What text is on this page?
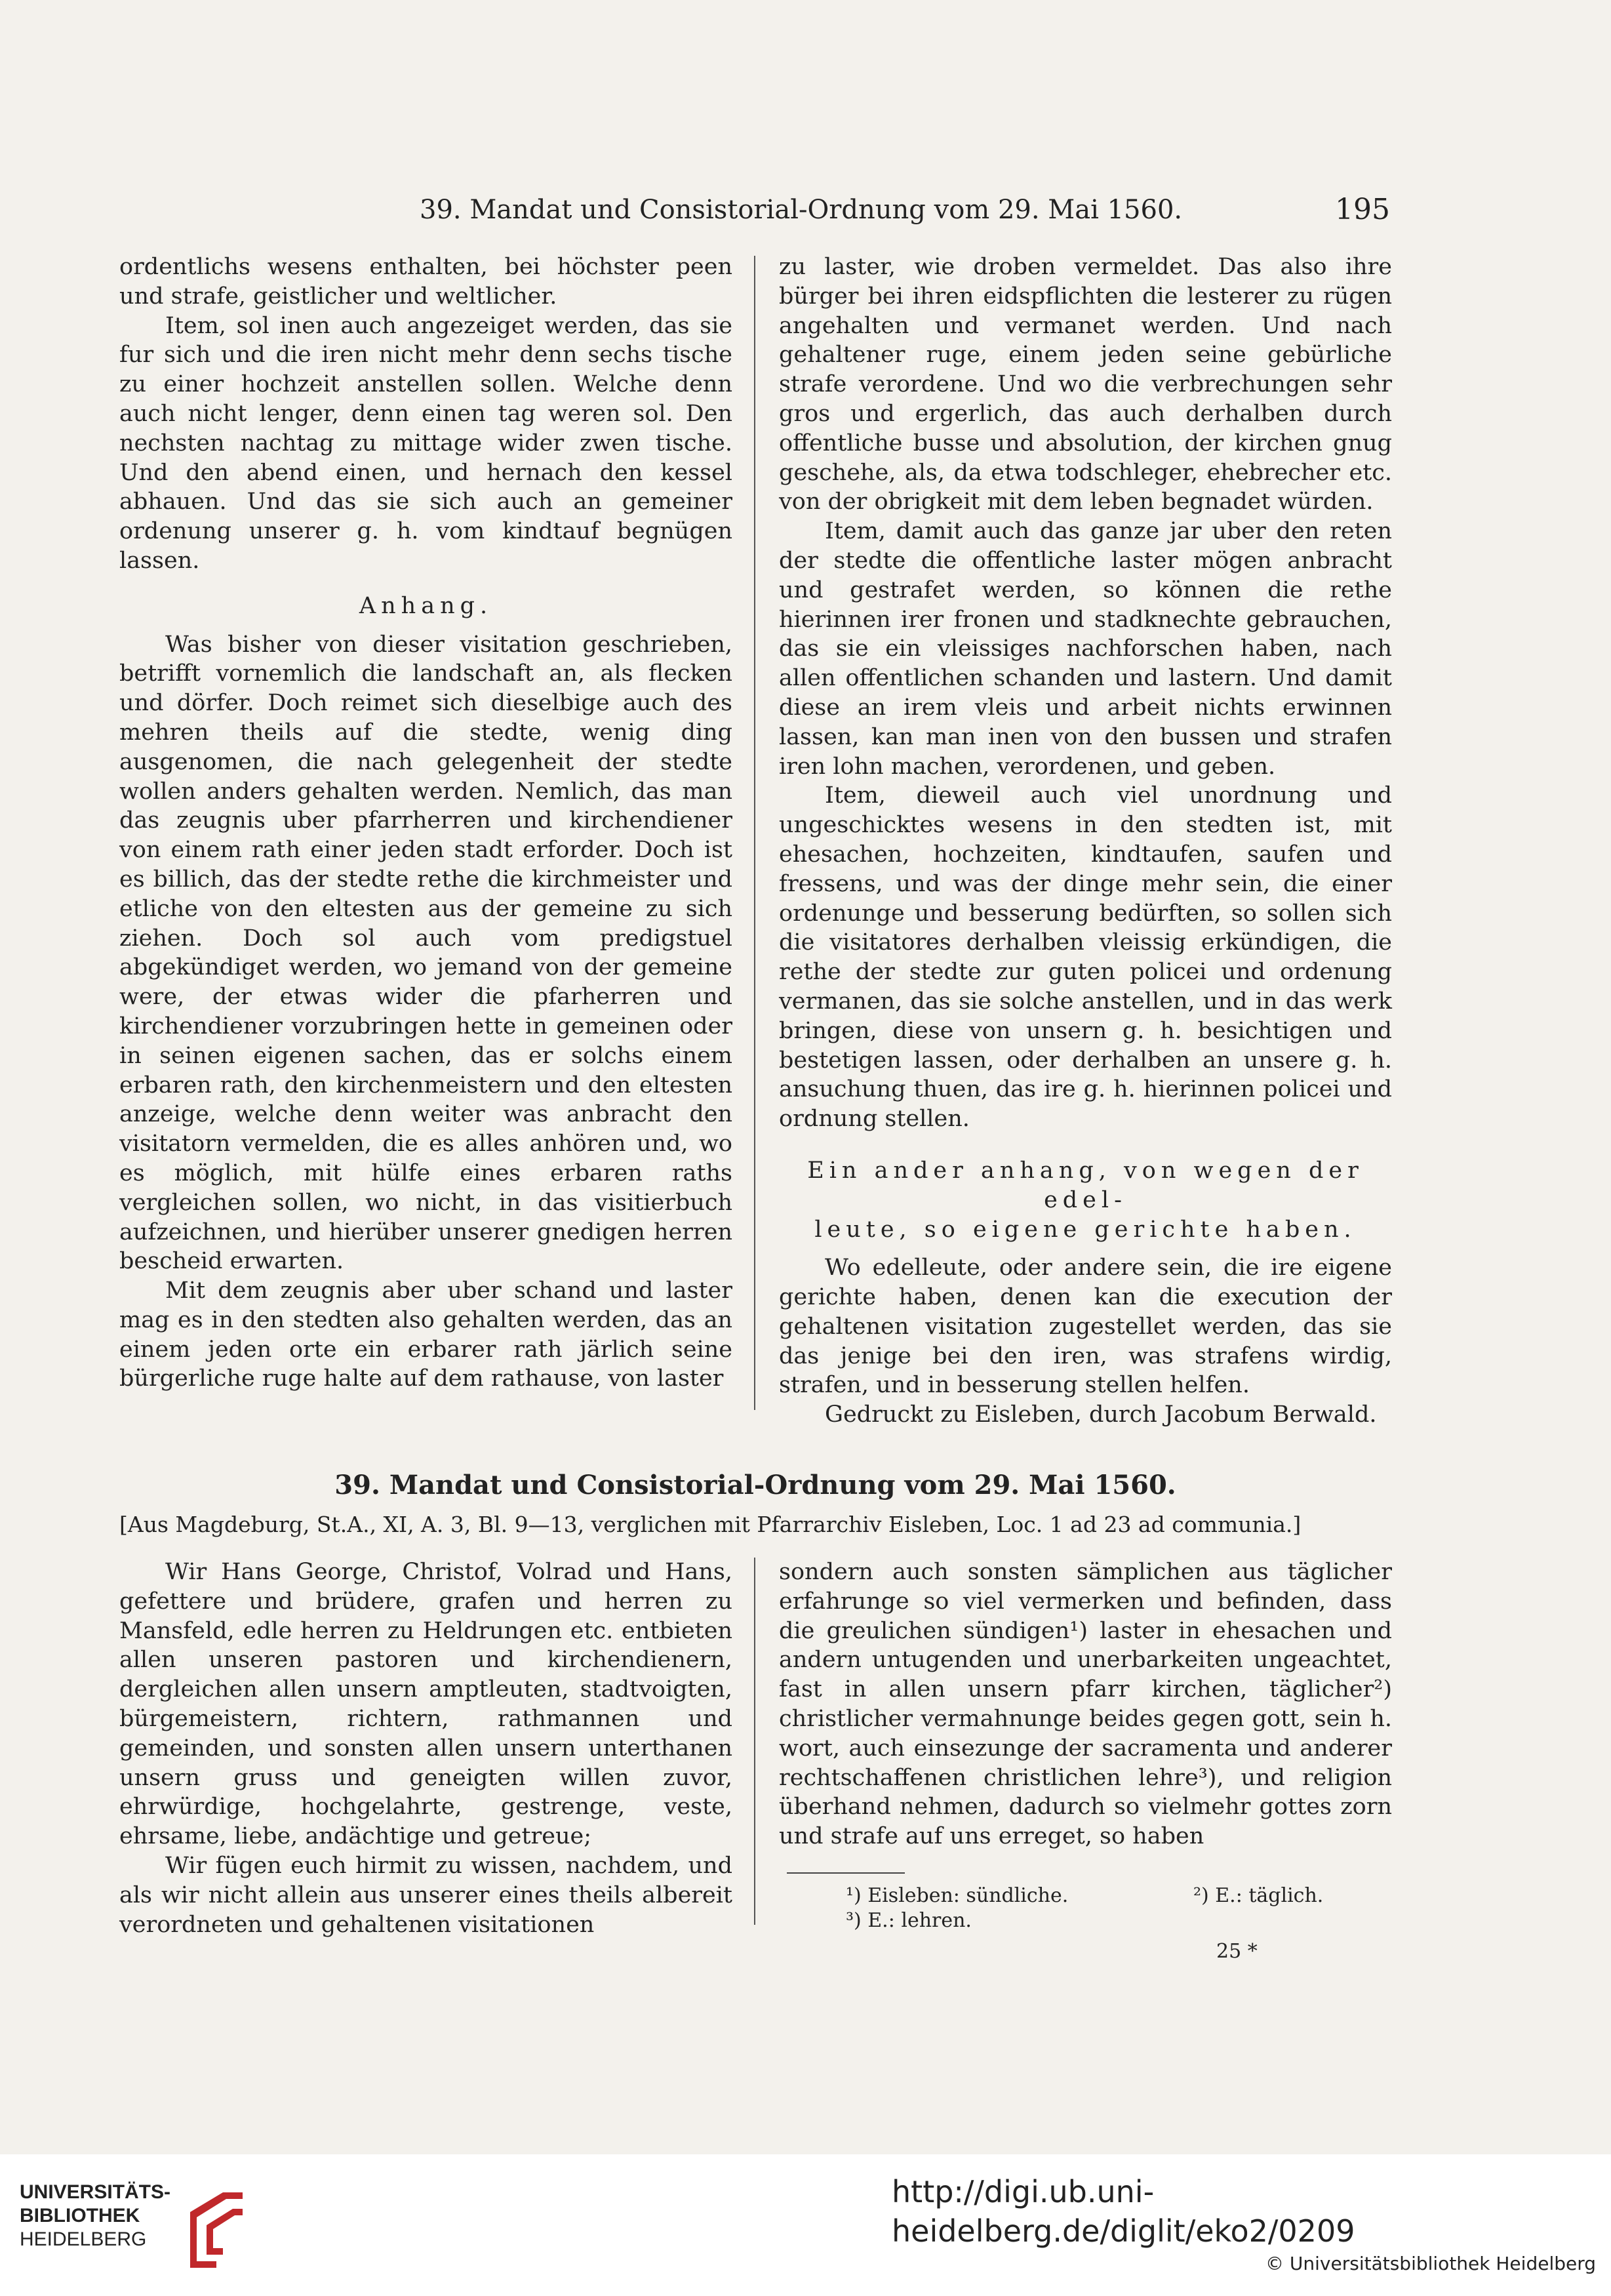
39. Mandat und Consistorial-Ordnung vom 29. Mai 1560.	195

ordentlichs wesens enthalten, bei höchster peen und strafe, geistlicher und weltlicher.

Item, sol inen auch angezeiget werden, das sie fur sich und die iren nicht mehr denn sechs tische zu einer hochzeit anstellen sollen. Welche denn auch nicht lenger, denn einen tag weren sol. Den nechsten nachtag zu mittage wider zwen tische. Und den abend einen, und hernach den kessel abhauen. Und das sie sich auch an gemeiner ordenung unserer g. h. vom kindtauf begnügen lassen.

Anhang.

Was bisher von dieser visitation geschrieben, betrifft vornemlich die landschaft an, als flecken und dörfer. Doch reimet sich dieselbige auch des mehren theils auf die stedte, wenig ding ausgenomen, die nach gelegenheit der stedte wollen anders gehalten werden. Nemlich, das man das zeugnis uber pfarrherren und kirchendiener von einem rath einer jeden stadt erforder. Doch ist es billich, das der stedte rethe die kirchmeister und etliche von den eltesten aus der gemeine zu sich ziehen. Doch sol auch vom predigstuel abgekündiget werden, wo jemand von der gemeine were, der etwas wider die pfarherren und kirchendiener vorzubringen hette in gemeinen oder in seinen eigenen sachen, das er solchs einem erbaren rath, den kirchenmeistern und den eltesten anzeige, welche denn weiter was anbracht den visitatorn vermelden, die es alles anhören und, wo es möglich, mit hülfe eines erbaren raths vergleichen sollen, wo nicht, in das visitierbuch aufzeichnen, und hierüber unserer gnedigen herren bescheid erwarten.

Mit dem zeugnis aber uber schand und laster mag es in den stedten also gehalten werden, das an einem jeden orte ein erbarer rath järlich seine bürgerliche ruge halte auf dem rathause, von laster

zu laster, wie droben vermeldet. Das also ihre bürger bei ihren eidspflichten die lesterer zu rügen angehalten und vermanet werden. Und nach gehaltener ruge, einem jeden seine gebürliche strafe verordene. Und wo die verbrechungen sehr gros und ergerlich, das auch derhalben durch offentliche busse und absolution, der kirchen gnug geschehe, als, da etwa todschleger, ehebrecher etc. von der obrigkeit mit dem leben begnadet würden.

Item, damit auch das ganze jar uber den reten der stedte die offentliche laster mögen anbracht und gestrafet werden, so können die rethe hierinnen irer fronen und stadknechte gebrauchen, das sie ein vleissiges nachforschen haben, nach allen offentlichen schanden und lastern. Und damit diese an irem vleis und arbeit nichts erwinnen lassen, kan man inen von den bussen und strafen iren lohn machen, verordenen, und geben.

Item, dieweil auch viel unordnung und ungeschicktes wesens in den stedten ist, mit ehesachen, hochzeiten, kindtaufen, saufen und fressens, und was der dinge mehr sein, die einer ordenunge und besserung bedürften, so sollen sich die visitatores derhalben vleissig erkündigen, die rethe der stedte zur guten policei und ordenung vermanen, das sie solche anstellen, und in das werk bringen, diese von unsern g. h. besichtigen und bestetigen lassen, oder derhalben an unsere g. h. ansuchung thuen, das ire g. h. hierinnen policei und ordnung stellen.

Ein ander anhang, von wegen der edel-

leute, so eigene gerichte haben.

Wo edelleute, oder andere sein, die ire eigene gerichte haben, denen kan die execution der gehaltenen visitation zugestellet werden, das sie das jenige bei den iren, was strafens wirdig, strafen, und in besserung stellen helfen.

Gedruckt zu Eisleben, durch Jacobum Berwald.

39. Mandat und Consistorial-Ordnung vom 29. Mai 1560.
[Aus Magdeburg, St.A., XI, A. 3, Bl. 9—13, verglichen mit Pfarrarchiv Eisleben, Loc. 1 ad 23 ad communia.]

Wir Hans George, Christof, Volrad und Hans, gefettere und brüdere, grafen und herren zu Mansfeld, edle herren zu Heldrungen etc. entbieten allen unseren pastoren und kirchendienern, dergleichen allen unsern amptleuten, stadtvoigten, bürgemeistern, richtern, rathmannen und gemeinden, und sonsten allen unsern unterthanen unsern gruss und geneigten willen zuvor, ehrwürdige, hochgelahrte, gestrenge, veste, ehrsame, liebe, andächtige und getreue;

Wir fügen euch hirmit zu wissen, nachdem, und als wir nicht allein aus unserer eines theils albereit verordneten und gehaltenen visitationen

sondern auch sonsten sämplichen aus täglicher erfahrunge so viel vermerken und befinden, dass die greulichen sündigen¹) laster in ehesachen und andern untugenden und unerbarkeiten ungeachtet, fast in allen unsern pfarr kirchen, täglicher²) christlicher vermahnunge beides gegen gott, sein h. wort, auch einsezunge der sacramenta und anderer rechtschaffenen christlichen lehre³), und religion überhand nehmen, dadurch so vielmehr gottes zorn und strafe auf uns erreget, so haben

¹) Eisleben: sündliche.	²) E.: täglich.
³) E.: lehren.
25 *
UNIVERSITÄTS-
BIBLIOTHEK
HEIDELBERG
http://digi.ub.uni-heidelberg.de/diglit/eko2/0209
© Universitätsbibliothek Heidelberg
